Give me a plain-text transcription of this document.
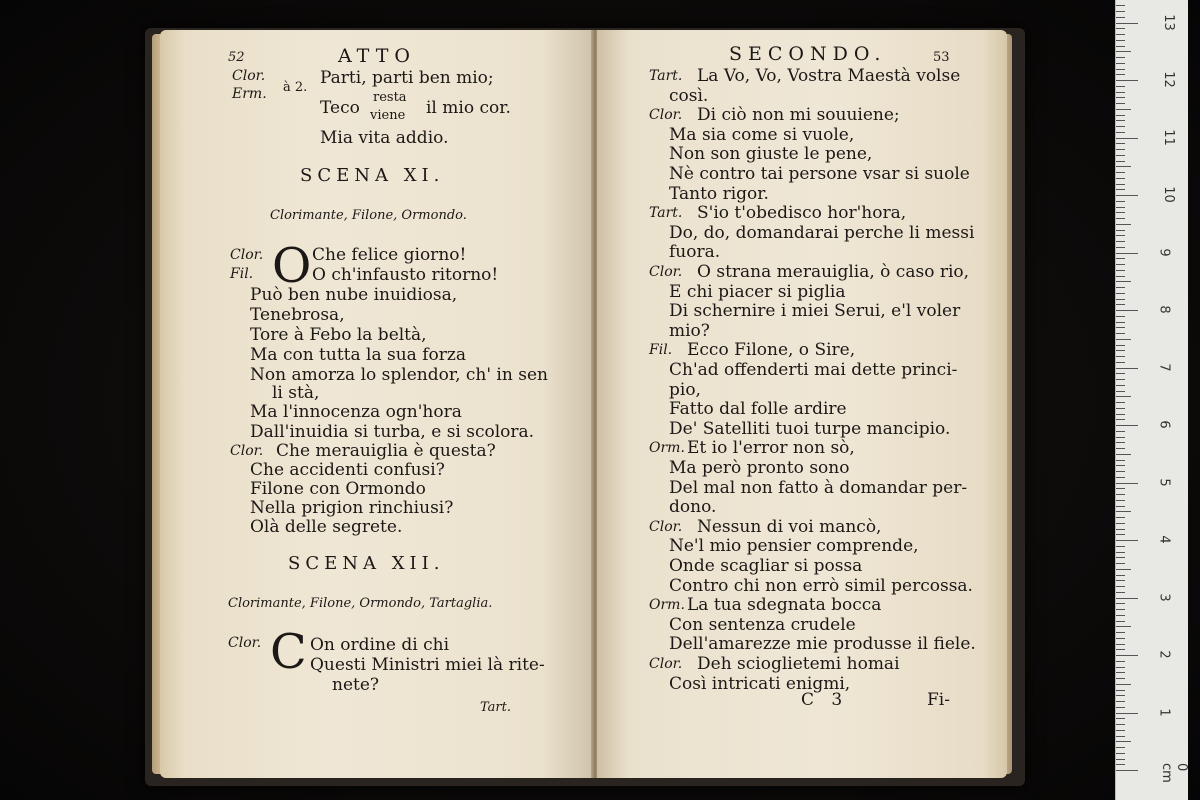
52	ATTO
Clor.
Erm. à 2. Parti, parti ben mio;
Teco
resta
viene il mio cor.
Mia vita addio.
SCENA XI.
Clorimante, Filone, Ormondo.
O
Clor.	Che felice giorno!
Fil.	O ch'infausto ritorno!
Può ben nube inuidiosa,
Tenebrosa,
Tore à Febo la beltà,
Ma con tutta la sua forza
Non amorza lo splendor, ch' in sen
li stà,
Ma l'innocenza ogn'hora
Dall'inuidia si turba, e si scolora.
Clor. Che merauiglia è questa?
Che accidenti confusi?
Filone con Ormondo
Nella prigion rinchiusi?
Olà delle segrete.
SCENA XII.
Clorimante, Filone, Ormondo, Tartaglia.
Clor. C On ordine di chi
Questi Ministri miei là rite-
nete?
Tart.
SECONDO.	53
Tart. La Vo, Vo, Vostra Maestà volse
così.
Clor. Di ciò non mi souuiene;
Ma sia come si vuole,
Non son giuste le pene,
Nè contro tai persone vsar si suole
Tanto rigor.
Tart. S'io t'obedisco hor'hora,
Do, do, domandarai perche li messi
fuora.
Clor. O strana merauiglia, ò caso rio,
E chi piacer si piglia
Di schernire i miei Serui, e'l voler
mio?
Fil. Ecco Filone, o Sire,
Ch'ad offenderti mai dette princi-
pio,
Fatto dal folle ardire
De' Satelliti tuoi turpe mancipio.
Orm. Et io l'error non sò,
Ma però pronto sono
Del mal non fatto à domandar per-
dono.
Clor. Nessun di voi mancò,
Ne'l mio pensier comprende,
Onde scagliar si possa
Contro chi non errò simil percossa.
Orm. La tua sdegnata bocca
Con sentenza crudele
Dell'amarezze mie produsse il fiele.
Clor. Deh scioglietemi homai
Così intricati enigmi,
C 3	Fi-
0 cm
1
2
3
4
5
6
7
8
9
10
11
12
13
